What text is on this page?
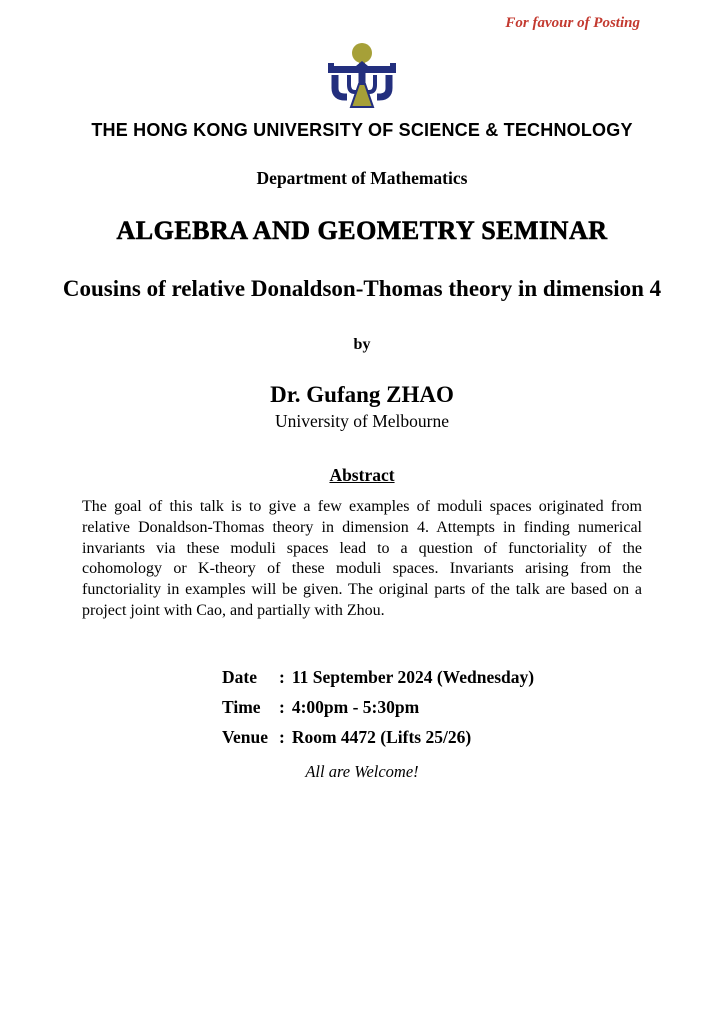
For favour of Posting
THE HONG KONG UNIVERSITY OF SCIENCE & TECHNOLOGY
Department of Mathematics
ALGEBRA AND GEOMETRY SEMINAR
Cousins of relative Donaldson-Thomas theory in dimension 4
by
Dr. Gufang ZHAO
University of Melbourne
Abstract
The goal of this talk is to give a few examples of moduli spaces originated from relative Donaldson-Thomas theory in dimension 4. Attempts in finding numerical invariants via these moduli spaces lead to a question of functoriality of the cohomology or K-theory of these moduli spaces. Invariants arising from the functoriality in examples will be given. The original parts of the talk are based on a project joint with Cao, and partially with Zhou.
Date : 11 September 2024 (Wednesday)
Time : 4:00pm - 5:30pm
Venue : Room 4472 (Lifts 25/26)
All are Welcome!
